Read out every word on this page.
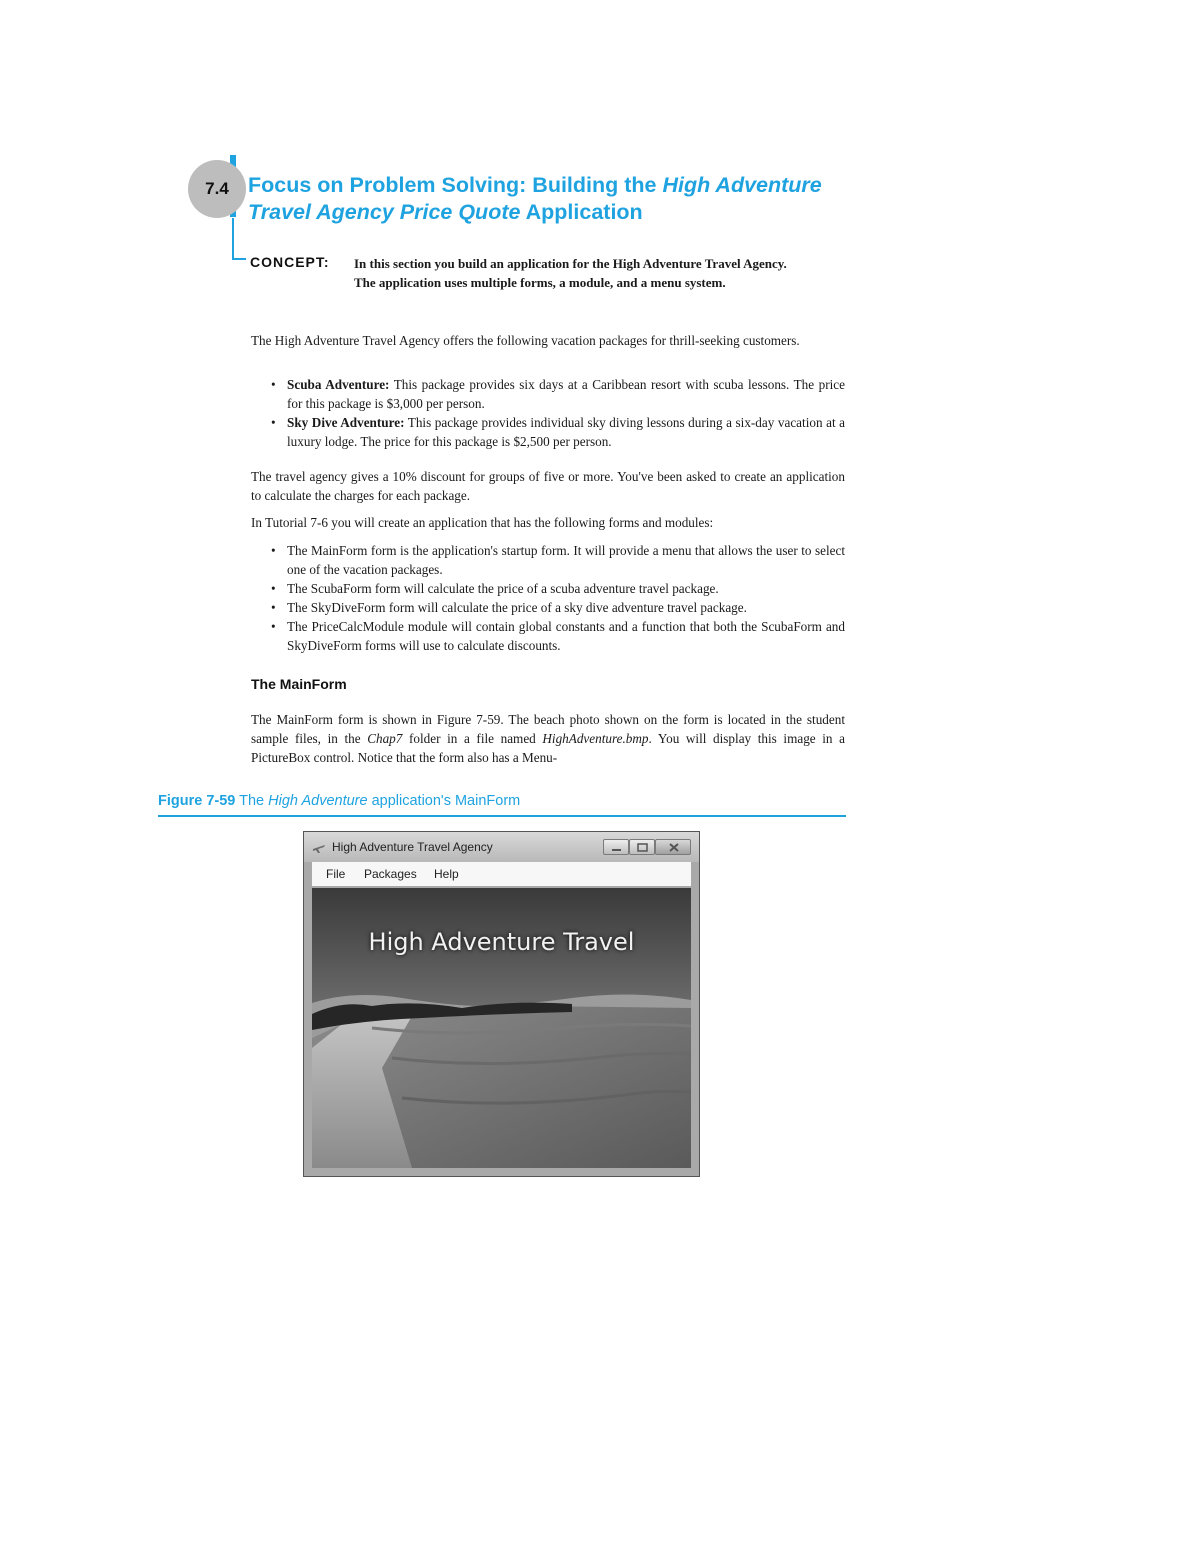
7.4 Focus on Problem Solving: Building the High Adventure Travel Agency Price Quote Application
CONCEPT: In this section you build an application for the High Adventure Travel Agency. The application uses multiple forms, a module, and a menu system.
The High Adventure Travel Agency offers the following vacation packages for thrill-seeking customers.
• Scuba Adventure: This package provides six days at a Caribbean resort with scuba lessons. The price for this package is $3,000 per person.
• Sky Dive Adventure: This package provides individual sky diving lessons during a six-day vacation at a luxury lodge. The price for this package is $2,500 per person.
The travel agency gives a 10% discount for groups of five or more. You've been asked to create an application to calculate the charges for each package.
In Tutorial 7-6 you will create an application that has the following forms and modules:
• The MainForm form is the application's startup form. It will provide a menu that allows the user to select one of the vacation packages.
• The ScubaForm form will calculate the price of a scuba adventure travel package.
• The SkyDiveForm form will calculate the price of a sky dive adventure travel package.
• The PriceCalcModule module will contain global constants and a function that both the ScubaForm and SkyDiveForm forms will use to calculate discounts.
The MainForm
The MainForm form is shown in Figure 7-59. The beach photo shown on the form is located in the student sample files, in the Chap7 folder in a file named HighAdventure.bmp. You will display this image in a PictureBox control. Notice that the form also has a Menu-
Figure 7-59 The High Adventure application's MainForm
High Adventure Travel Agency
File Packages Help
High Adventure Travel
